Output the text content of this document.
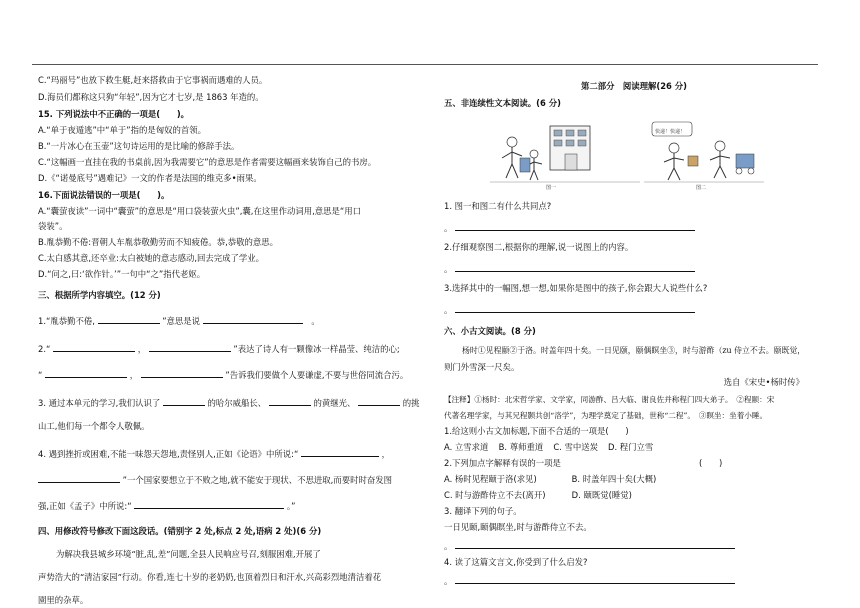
C.“玛丽号”也放下救生艇,赶来搭救由于它事祸而遇难的人员。
D.海员们都称这只狗“年轻”,因为它才七岁,是 1863 年造的。
15. 下列说法中不正确的一项是(　　)。
A.“单于夜遁逃”中“单于”指的是匈奴的首领。
B.“一片冰心在玉壶”这句诗运用的是比喻的修辞手法。
C.“这幅画一直挂在我的书桌前,因为我需要它”的意思是作者需要这幅画来装饰自己的书房。
D.《“诺曼底号”遇难记》一文的作者是法国的维克多•雨果。
16.下面说法错误的一项是(　　)。
A.“囊萤夜读”一词中“囊萤”的意思是“用口袋装萤火虫”,囊,在这里作动词用,意思是“用口
袋装”。
B.胤恭勤不倦:晋朝人车胤恭敬勤劳而不知疲倦。恭,恭敬的意思。
C.太白感其意,还卒业:太白被她的意志感动,回去完成了学业。
D.“问之,曰:‘欲作针。’”一句中“之”指代老妪。
三、根据所学内容填空。(12 分)
1.“胤恭勤不倦,	”意思是说	。
2.“	，	”表达了诗人有一颗像冰一样晶莹、纯洁的心;
“	，	”告诉我们要做个人要谦虚,不要与世俗同流合污。
3. 通过本单元的学习,我们认识了	的哈尔威船长、	的黄继光、	的挑
山工,他们每一个都令人敬佩。
4. 遇到挫折或困难,不能一味怨天怨地,责怪别人,正如《论语》中所说:“	，
”一个国家要想立于不败之地,就不能安于现状、不思进取,而要时时奋发图
强,正如《孟子》中所说:“	。”
四、用修改符号修改下面这段话。(错别字 2 处,标点 2 处,语病 2 处)(6 分)
为解决我县城乡环境“脏,乱,差”问题,全县人民响应号召,刻服困难,开展了
声势浩大的“清洁家园”行动。你看,连七十岁的老奶奶,也顶着烈日和汗水,兴高彩烈地清洁着花
園里的杂草。
第二部分　阅读理解(26 分)
五、非连续性文本阅读。(6 分)
图一
快递！快递！
图二
1. 图一和图二有什么共同点?
。
2.仔细观察图二,根据你的理解,说一说图上的内容。
。
3.选择其中的一幅图,想一想,如果你是图中的孩子,你会跟大人说些什么?
。
六、小古文阅读。(8 分)
杨时①见程颐②于洛。时盖年四十矣。一日见颐，颐偶瞑坐③，时与游酢（zu 侍立不去。颐既觉，
则门外雪深一尺矣。
选自《宋史•杨时传》
【注释】①杨时：北宋哲学家、文学家，同游酢、吕大临、谢良佐并称程门四大弟子。　②程颐：宋
代著名理学家，与其兄程颢共创“洛学”，为理学奠定了基础，世称“二程”。　③瞑坐：坐着小睡。
1.给这则小古文加标题,下面不合适的一项是(　　)
A. 立雪求道 B. 尊师重道 C. 雪中送炭 D. 程门立雪
2.下列加点字解释有误的一项是	(　　)
A. 杨时见程颐于洛(求见)	B. 时盖年四十矣(大概)
C. 时与游酢侍立不去(离开)	D. 颐既觉(睡觉)
3. 翻译下列的句子。
一日见颐,颐偶瞑坐,时与游酢侍立不去。
。
4. 读了这篇文言文,你受到了什么启发?
。
